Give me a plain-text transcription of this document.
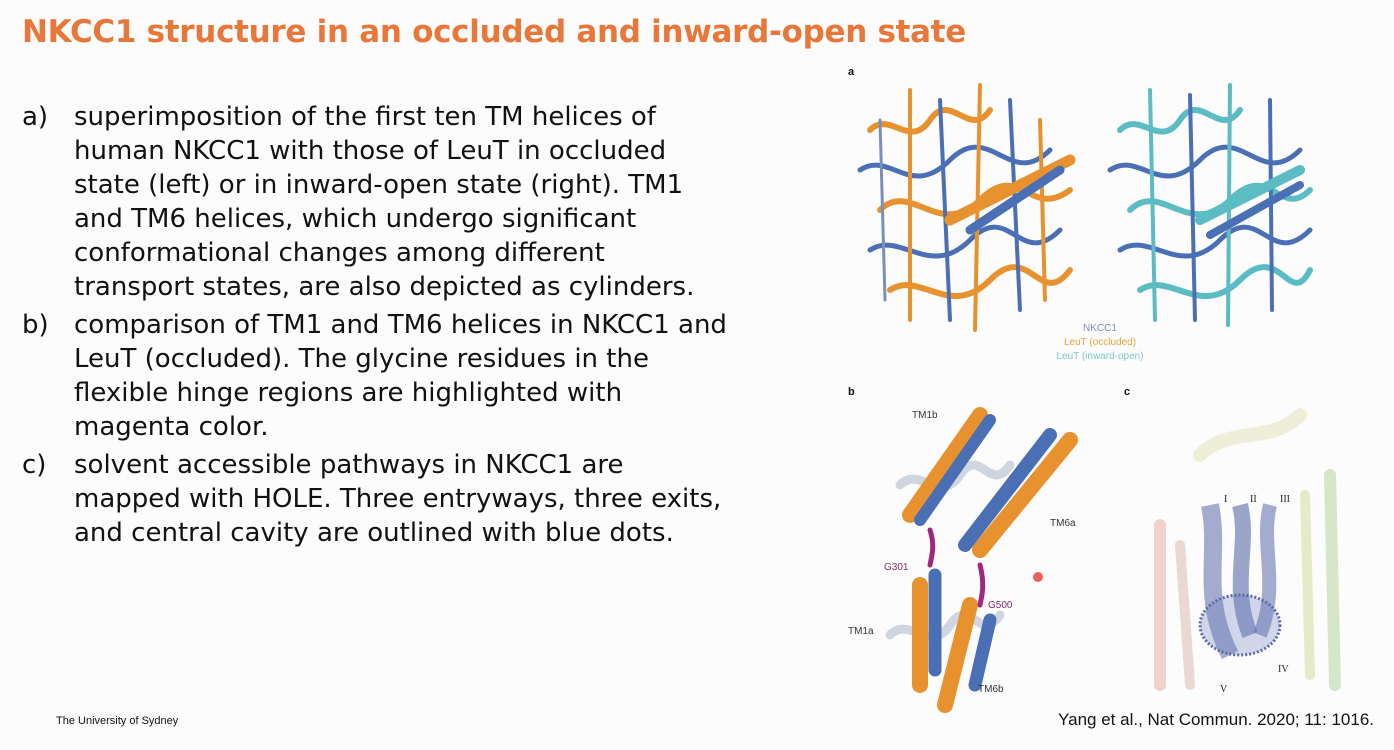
NKCC1 structure in an occluded and inward-open state
a) superimposition of the first ten TM helices of human NKCC1 with those of LeuT in occluded state (left) or in inward-open state (right). TM1 and TM6 helices, which undergo significant conformational changes among different transport states, are also depicted as cylinders.
b) comparison of TM1 and TM6 helices in NKCC1 and LeuT (occluded). The glycine residues in the flexible hinge regions are highlighted with magenta color.
c)	solvent accessible pathways in NKCC1 are mapped with HOLE. Three entryways, three exits, and central cavity are outlined with blue dots.
a
NKCC1
LeuT (occluded)
LeuT (inward-open)
b
TM1b
TM6a
G301
G500
TM1a
TM6b
c
I II III
IV
V
The University of Sydney	Yang et al., Nat Commun. 2020; 11: 1016.
